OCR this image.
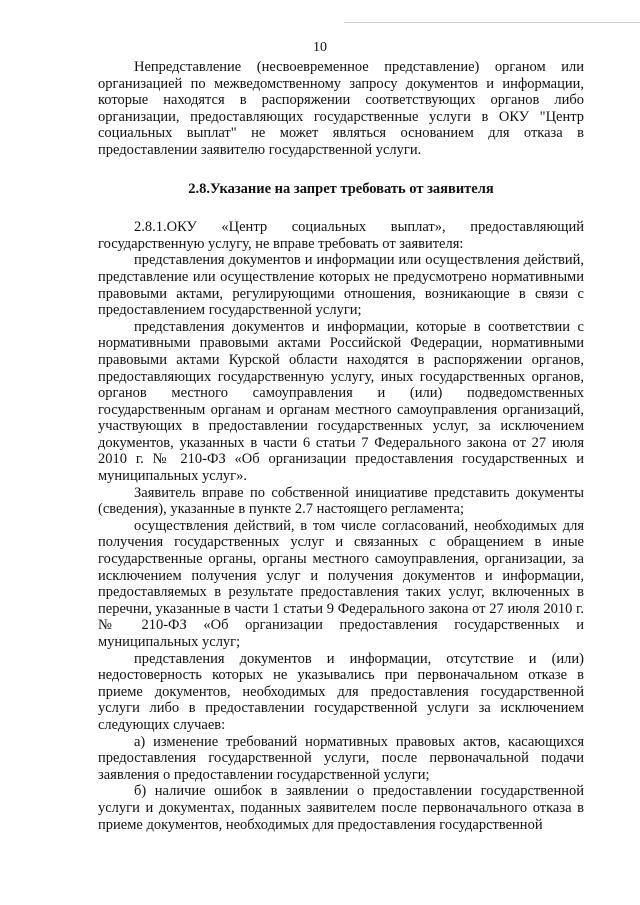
10

Непредставление (несвоевременное представление) органом или организацией по межведомственному запросу документов и информации, которые находятся в распоряжении соответствующих органов либо организации, предоставляющих государственные услуги в ОКУ "Центр социальных выплат" не может являться основанием для отказа в предоставлении заявителю государственной услуги.

2.8.Указание на запрет требовать от заявителя

2.8.1.ОКУ «Центр социальных выплат», предоставляющий государственную услугу, не вправе требовать от заявителя:

представления документов и информации или осуществления действий, представление или осуществление которых не предусмотрено нормативными правовыми актами, регулирующими отношения, возникающие в связи с предоставлением государственной услуги;

представления документов и информации, которые в соответствии с нормативными правовыми актами Российской Федерации, нормативными правовыми актами Курской области находятся в распоряжении органов, предоставляющих государственную услугу, иных государственных органов, органов местного самоуправления и (или) подведомственных государственным органам и органам местного самоуправления организаций, участвующих в предоставлении государственных услуг, за исключением документов, указанных в части 6 статьи 7 Федерального закона от 27 июля 2010 г. № 210-ФЗ «Об организации предоставления государственных и муниципальных услуг».

Заявитель вправе по собственной инициативе представить документы (сведения), указанные в пункте 2.7 настоящего регламента;

осуществления действий, в том числе согласований, необходимых для получения государственных услуг и связанных с обращением в иные государственные органы, органы местного самоуправления, организации, за исключением получения услуг и получения документов и информации, предоставляемых в результате предоставления таких услуг, включенных в перечни, указанные в части 1 статьи 9 Федерального закона от 27 июля 2010 г. № 210-ФЗ «Об организации предоставления государственных и муниципальных услуг;

представления документов и информации, отсутствие и (или) недостоверность которых не указывались при первоначальном отказе в приеме документов, необходимых для предоставления государственной услуги либо в предоставлении государственной услуги за исключением следующих случаев:

а) изменение требований нормативных правовых актов, касающихся предоставления государственной услуги, после первоначальной подачи заявления о предоставлении государственной услуги;

б) наличие ошибок в заявлении о предоставлении государственной услуги и документах, поданных заявителем после первоначального отказа в приеме документов, необходимых для предоставления государственной
